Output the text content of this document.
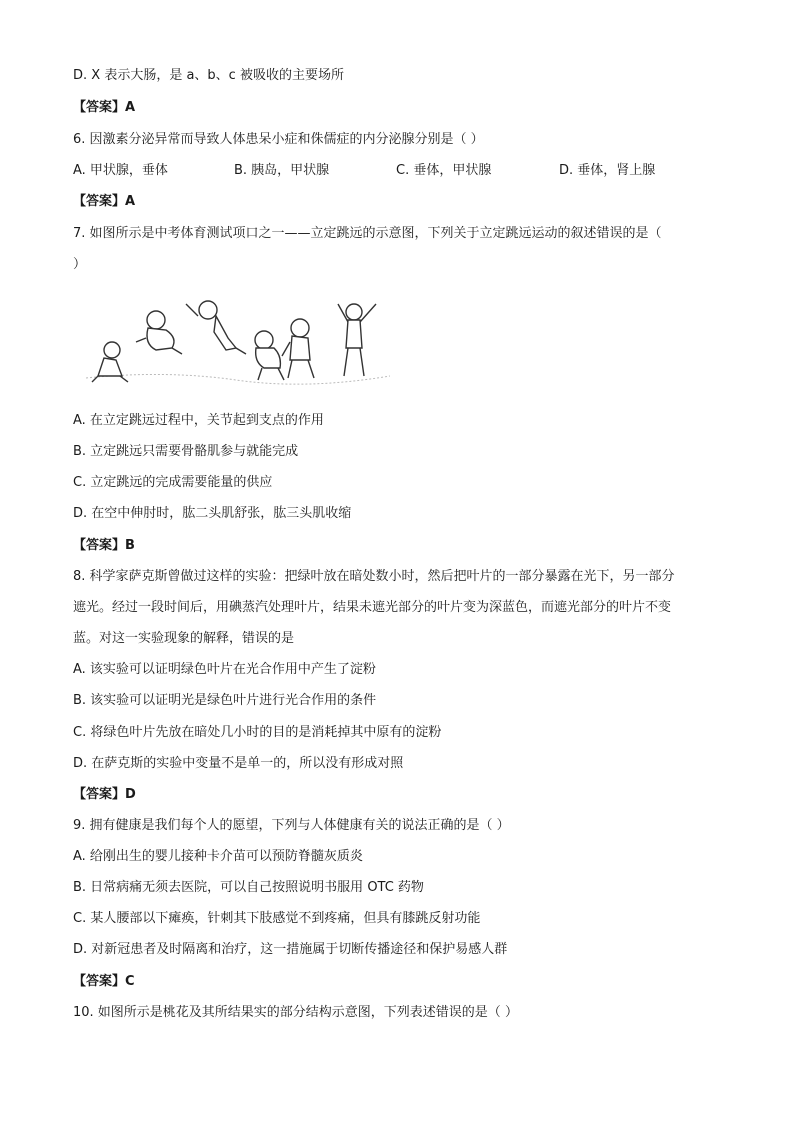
D. X 表示大肠，是 a、b、c 被吸收的主要场所
【答案】A
6. 因激素分泌异常而导致人体患呆小症和侏儒症的内分泌腺分别是（ ）
A. 甲状腺，垂体	B. 胰岛，甲状腺	C. 垂体，甲状腺	D. 垂体，肾上腺
【答案】A
7. 如图所示是中考体育测试项口之一——立定跳远的示意图，下列关于立定跳远运动的叙述错误的是（
）
A. 在立定跳远过程中，关节起到支点的作用
B. 立定跳远只需要骨骼肌参与就能完成
C. 立定跳远的完成需要能量的供应
D. 在空中伸肘时，肱二头肌舒张，肱三头肌收缩
【答案】B
8. 科学家萨克斯曾做过这样的实验：把绿叶放在暗处数小时，然后把叶片的一部分暴露在光下，另一部分
遮光。经过一段时间后，用碘蒸汽处理叶片，结果未遮光部分的叶片变为深蓝色，而遮光部分的叶片不变
蓝。对这一实验现象的解释，错误的是
A. 该实验可以证明绿色叶片在光合作用中产生了淀粉
B. 该实验可以证明光是绿色叶片进行光合作用的条件
C. 将绿色叶片先放在暗处几小时的目的是消耗掉其中原有的淀粉
D. 在萨克斯的实验中变量不是单一的，所以没有形成对照
【答案】D
9. 拥有健康是我们每个人的愿望，下列与人体健康有关的说法正确的是（ ）
A. 给刚出生的婴儿接种卡介苗可以预防脊髓灰质炎
B. 日常病痛无须去医院，可以自己按照说明书服用 OTC 药物
C. 某人腰部以下瘫痪，针刺其下肢感觉不到疼痛，但具有膝跳反射功能
D. 对新冠患者及时隔离和治疗，这一措施属于切断传播途径和保护易感人群
【答案】C
10. 如图所示是桃花及其所结果实的部分结构示意图，下列表述错误的是（ ）
